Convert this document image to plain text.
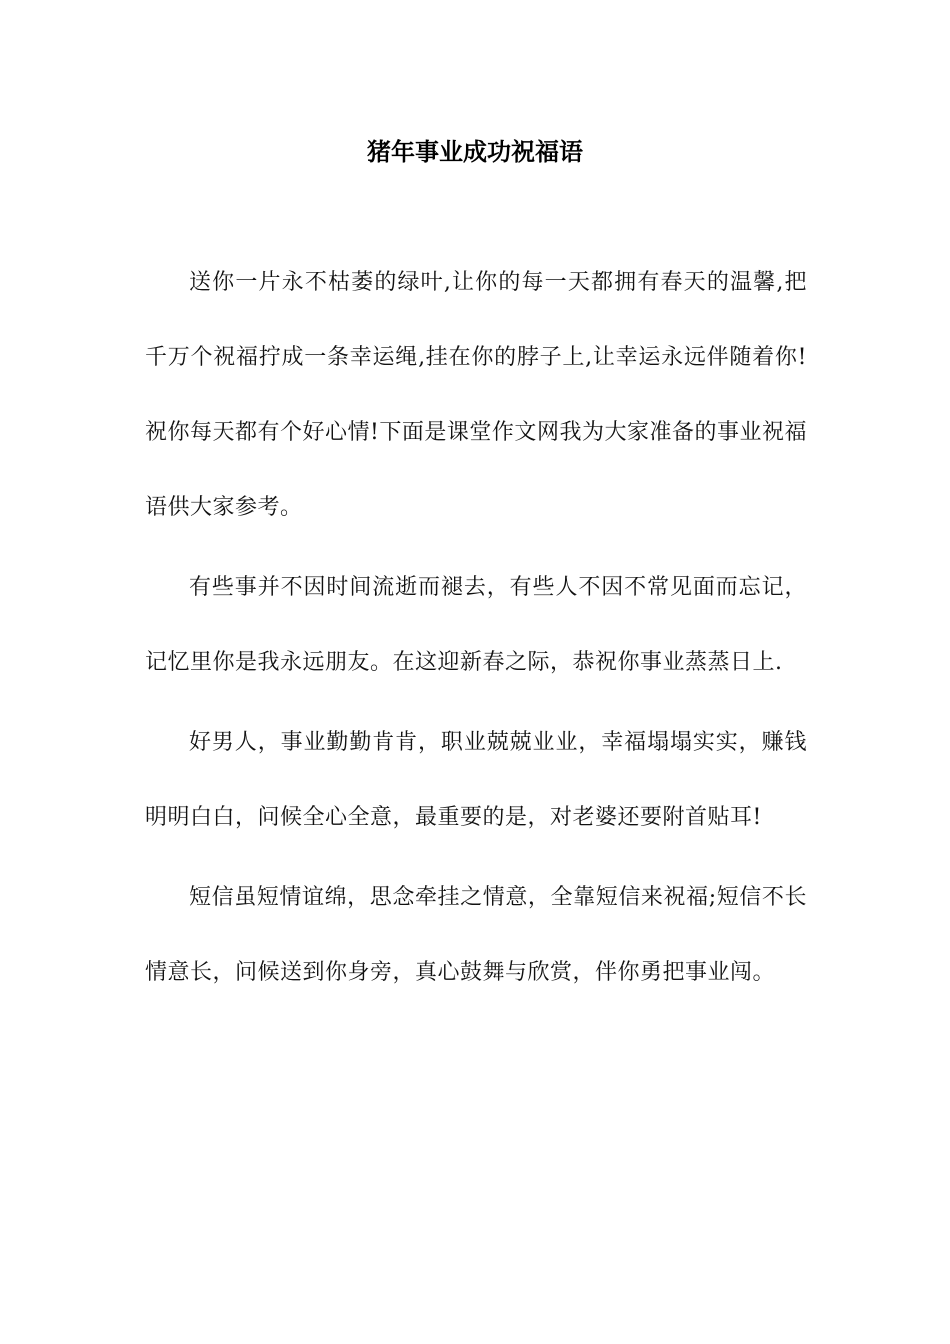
猪年事业成功祝福语

送你一片永不枯萎的绿叶,让你的每一天都拥有春天的温馨,把千万个祝福拧成一条幸运绳,挂在你的脖子上,让幸运永远伴随着你!祝你每天都有个好心情!下面是课堂作文网我为大家准备的事业祝福语供大家参考。

有些事并不因时间流逝而褪去，有些人不因不常见面而忘记，记忆里你是我永远朋友。在这迎新春之际，恭祝你事业蒸蒸日上.

好男人，事业勤勤肯肯，职业兢兢业业，幸福塌塌实实，赚钱明明白白，问候全心全意，最重要的是，对老婆还要附首贴耳!

短信虽短情谊绵，思念牵挂之情意，全靠短信来祝福;短信不长情意长，问候送到你身旁，真心鼓舞与欣赏，伴你勇把事业闯。
